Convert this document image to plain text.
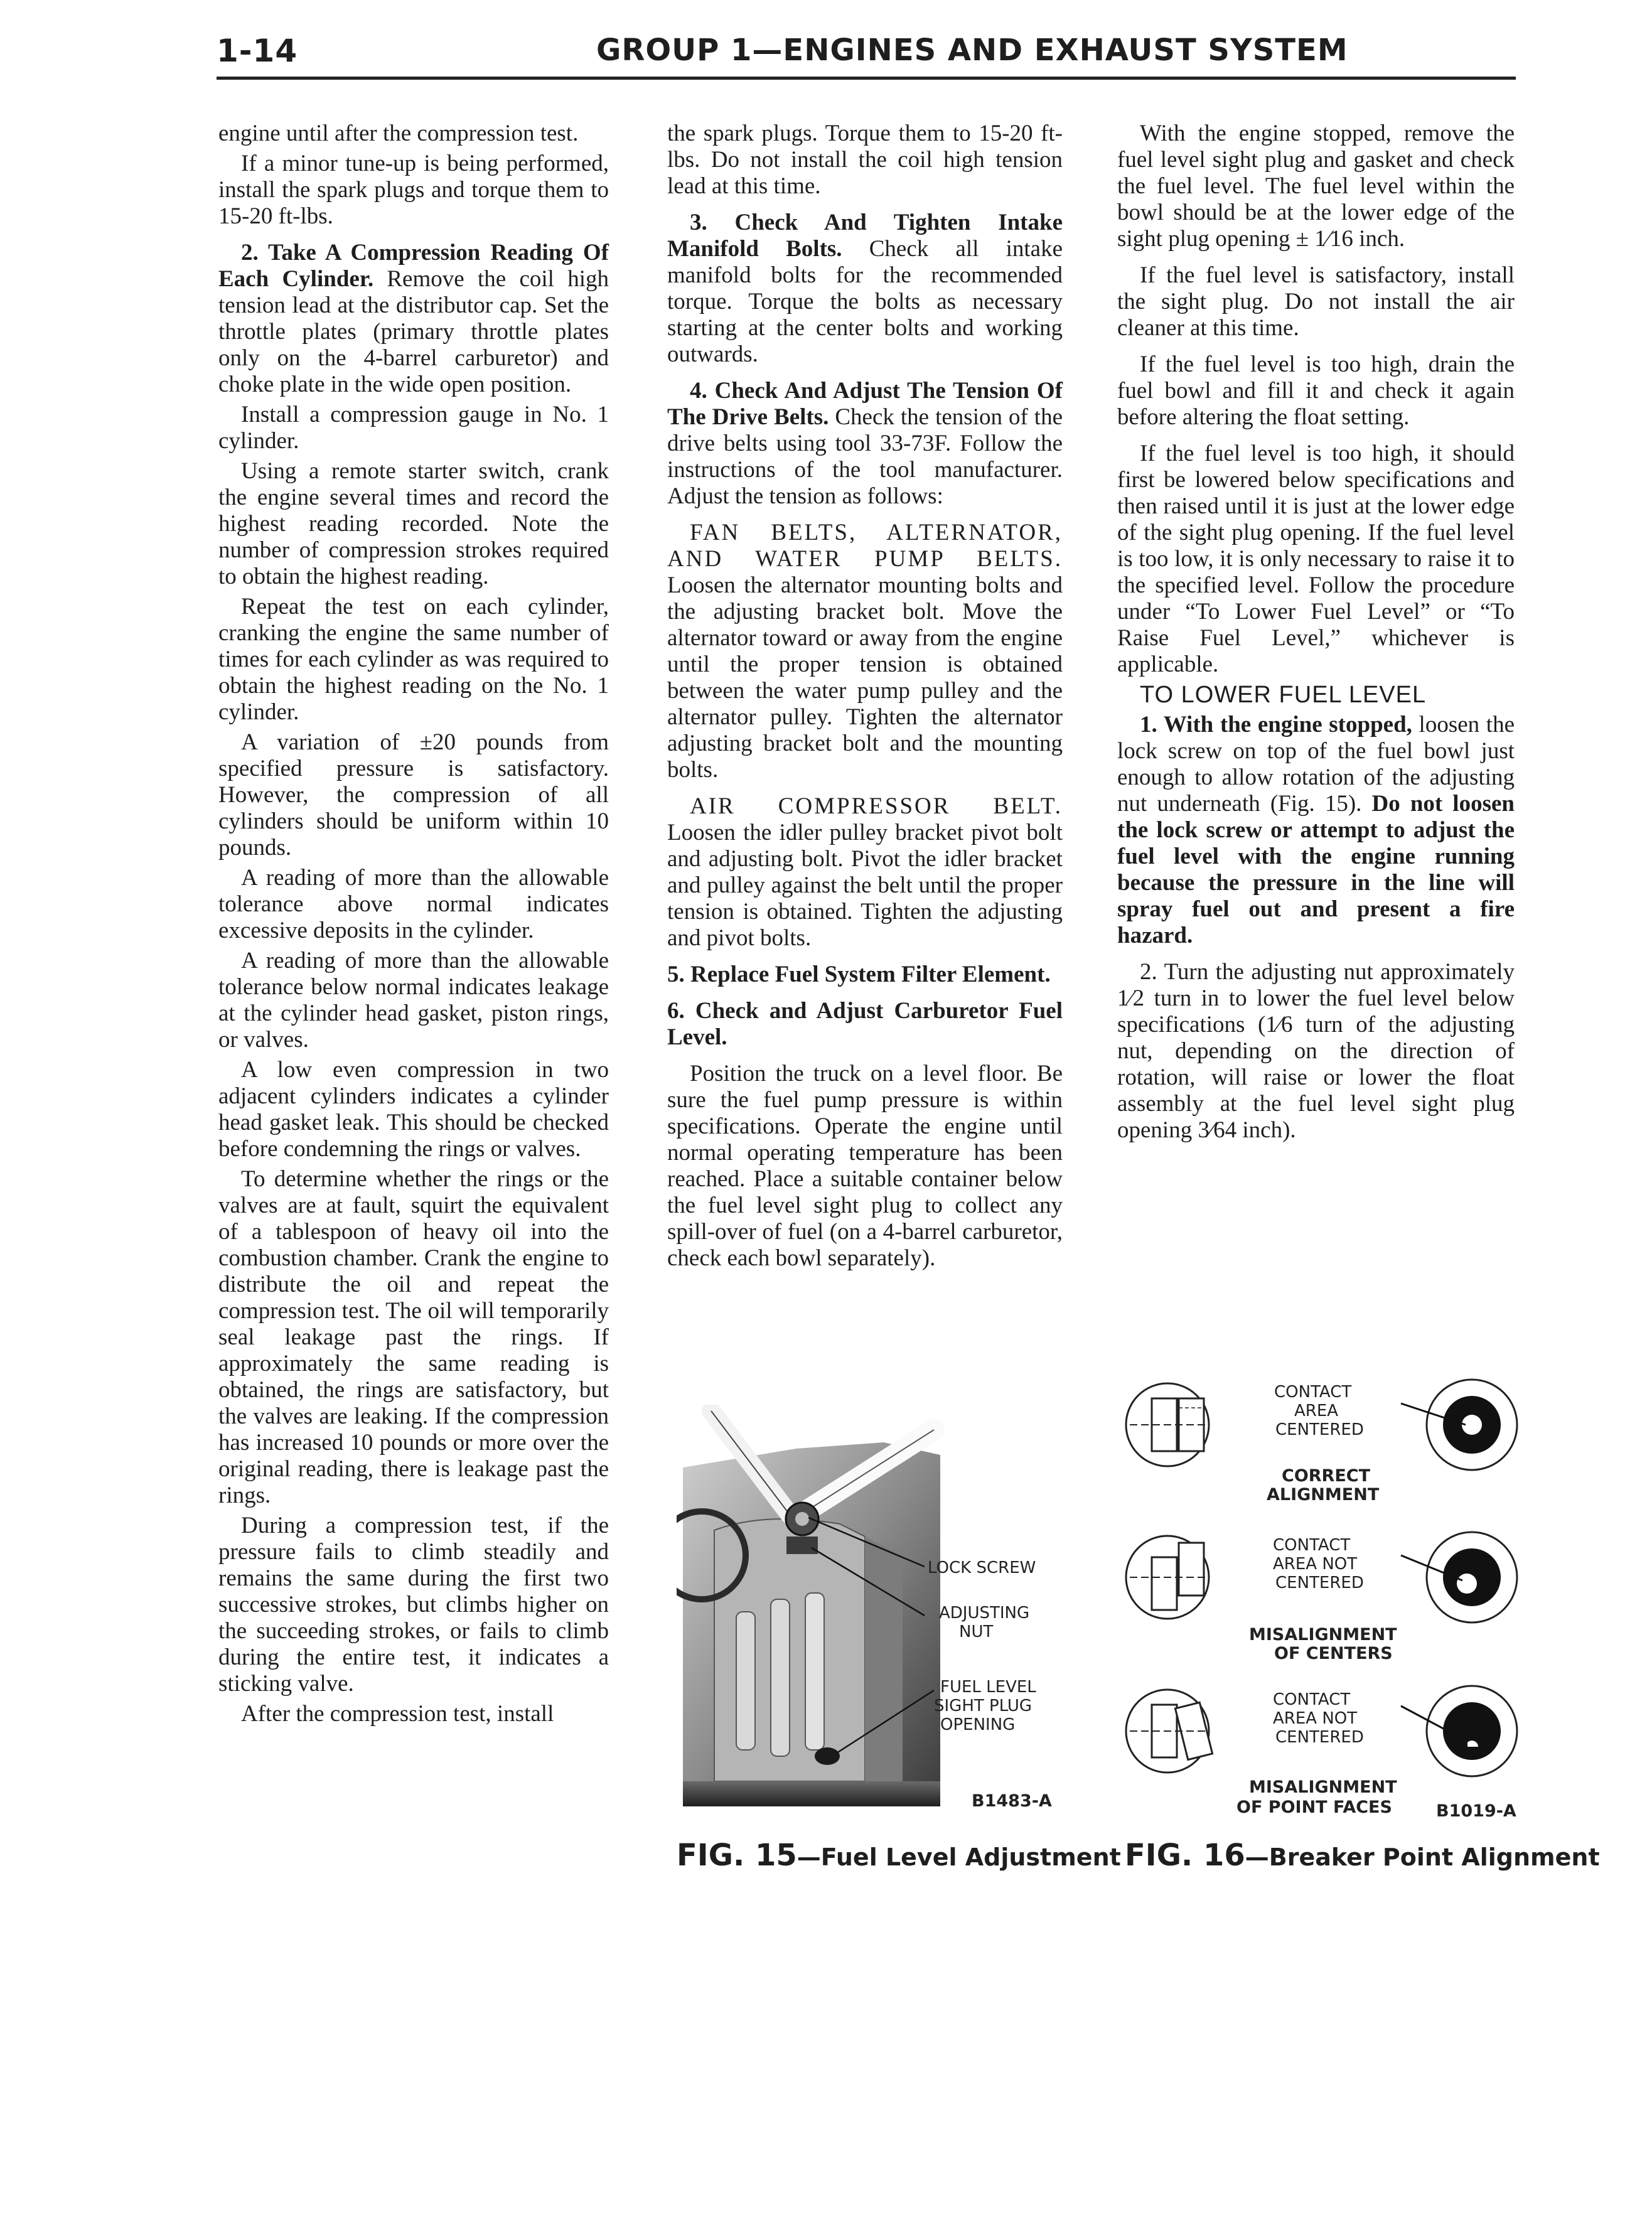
1-14	GROUP 1—ENGINES AND EXHAUST SYSTEM

engine until after the compression test.

If a minor tune-up is being performed, install the spark plugs and torque them to 15-20 ft-lbs.

2. Take A Compression Reading Of Each Cylinder. Remove the coil high tension lead at the distributor cap. Set the throttle plates (primary throttle plates only on the 4-barrel carburetor) and choke plate in the wide open position.

Install a compression gauge in No. 1 cylinder.

Using a remote starter switch, crank the engine several times and record the highest reading recorded. Note the number of compression strokes required to obtain the highest reading.

Repeat the test on each cylinder, cranking the engine the same number of times for each cylinder as was required to obtain the highest reading on the No. 1 cylinder.

A variation of ±20 pounds from specified pressure is satisfactory. However, the compression of all cylinders should be uniform within 10 pounds.

A reading of more than the allowable tolerance above normal indicates excessive deposits in the cylinder.

A reading of more than the allowable tolerance below normal indicates leakage at the cylinder head gasket, piston rings, or valves.

A low even compression in two adjacent cylinders indicates a cylinder head gasket leak. This should be checked before condemning the rings or valves.

To determine whether the rings or the valves are at fault, squirt the equivalent of a tablespoon of heavy oil into the combustion chamber. Crank the engine to distribute the oil and repeat the compression test. The oil will temporarily seal leakage past the rings. If approximately the same reading is obtained, the rings are satisfactory, but the valves are leaking. If the compression has increased 10 pounds or more over the original reading, there is leakage past the rings.

During a compression test, if the pressure fails to climb steadily and remains the same during the first two successive strokes, but climbs higher on the succeeding strokes, or fails to climb during the entire test, it indicates a sticking valve.

After the compression test, install

the spark plugs. Torque them to 15-20 ft-lbs. Do not install the coil high tension lead at this time.

3. Check And Tighten Intake Manifold Bolts. Check all intake manifold bolts for the recommended torque. Torque the bolts as necessary starting at the center bolts and working outwards.

4. Check And Adjust The Tension Of The Drive Belts. Check the tension of the drive belts using tool 33-73F. Follow the instructions of the tool manufacturer. Adjust the tension as follows:

FAN BELTS, ALTERNATOR, AND WATER PUMP BELTS. Loosen the alternator mounting bolts and the adjusting bracket bolt. Move the alternator toward or away from the engine until the proper tension is obtained between the water pump pulley and the alternator pulley. Tighten the alternator adjusting bracket bolt and the mounting bolts.

AIR COMPRESSOR BELT. Loosen the idler pulley bracket pivot bolt and adjusting bolt. Pivot the idler bracket and pulley against the belt until the proper tension is obtained. Tighten the adjusting and pivot bolts.

5. Replace Fuel System Filter Element.

6. Check and Adjust Carburetor Fuel Level.

Position the truck on a level floor. Be sure the fuel pump pressure is within specifications. Operate the engine until normal operating temperature has been reached. Place a suitable container below the fuel level sight plug to collect any spill-over of fuel (on a 4-barrel carburetor, check each bowl separately).

With the engine stopped, remove the fuel level sight plug and gasket and check the fuel level. The fuel level within the bowl should be at the lower edge of the sight plug opening ± 1⁄16 inch.

If the fuel level is satisfactory, install the sight plug. Do not install the air cleaner at this time.

If the fuel level is too high, drain the fuel bowl and fill it and check it again before altering the float setting.

If the fuel level is too high, it should first be lowered below specifications and then raised until it is just at the lower edge of the sight plug opening. If the fuel level is too low, it is only necessary to raise it to the specified level. Follow the procedure under “To Lower Fuel Level” or “To Raise Fuel Level,” whichever is applicable.

TO LOWER FUEL LEVEL

1. With the engine stopped, loosen the lock screw on top of the fuel bowl just enough to allow rotation of the adjusting nut underneath (Fig. 15). Do not loosen the lock screw or attempt to adjust the fuel level with the engine running because the pressure in the line will spray fuel out and present a fire hazard.

2. Turn the adjusting nut approximately 1⁄2 turn in to lower the fuel level below specifications (1⁄6 turn of the adjusting nut, depending on the direction of rotation, will raise or lower the float assembly at the fuel level sight plug opening 3⁄64 inch).

LOCK SCREW
ADJUSTING
NUT
FUEL LEVEL
SIGHT PLUG
OPENING
B1483-A
FIG. 15—Fuel Level Adjustment
CONTACT
AREA
CENTERED
CORRECT
ALIGNMENT
CONTACT
AREA NOT
CENTERED
MISALIGNMENT
OF CENTERS
CONTACT
AREA NOT
CENTERED
MISALIGNMENT
OF POINT FACES	B1019-A
FIG. 16—Breaker Point Alignment
